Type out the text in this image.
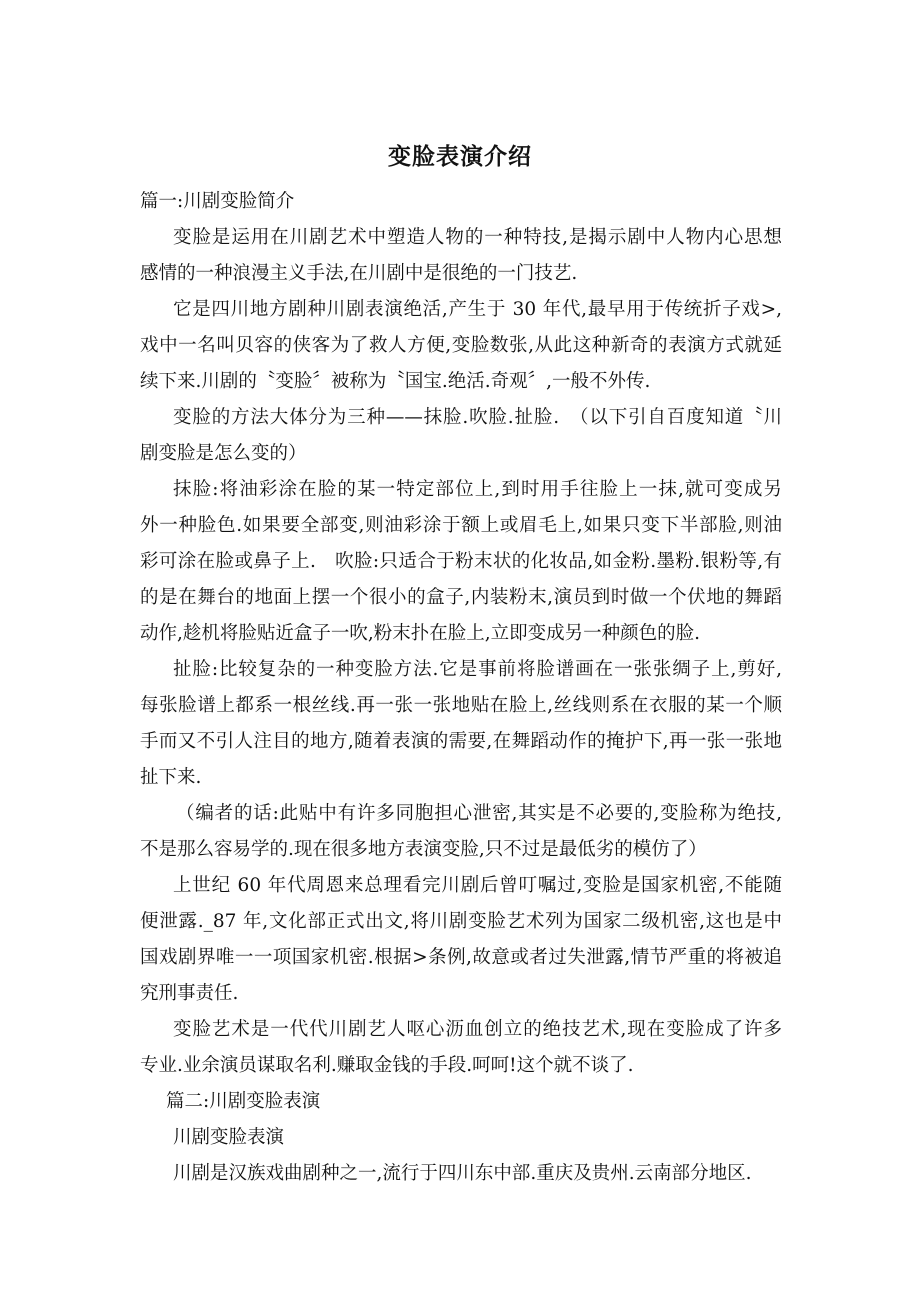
变脸表演介绍
篇一:川剧变脸简介
变脸是运用在川剧艺术中塑造人物的一种特技,是揭示剧中人物内心思想
感情的一种浪漫主义手法,在川剧中是很绝的一门技艺.
它是四川地方剧种川剧表演绝活,产生于 30 年代,最早用于传统折子戏>,
戏中一名叫贝容的侠客为了救人方便,变脸数张,从此这种新奇的表演方式就延
续下来.川剧的〝变脸〞被称为〝国宝.绝活.奇观〞,一般不外传.
变脸的方法大体分为三种——抹脸.吹脸.扯脸.　（以下引自百度知道〝川
剧变脸是怎么变的）
抹脸:将油彩涂在脸的某一特定部位上,到时用手往脸上一抹,就可变成另
外一种脸色.如果要全部变,则油彩涂于额上或眉毛上,如果只变下半部脸,则油
彩可涂在脸或鼻子上.　吹脸:只适合于粉末状的化妆品,如金粉.墨粉.银粉等,有
的是在舞台的地面上摆一个很小的盒子,内装粉末,演员到时做一个伏地的舞蹈
动作,趁机将脸贴近盒子一吹,粉末扑在脸上,立即变成另一种颜色的脸.
扯脸:比较复杂的一种变脸方法.它是事前将脸谱画在一张张绸子上,剪好,
每张脸谱上都系一根丝线.再一张一张地贴在脸上,丝线则系在衣服的某一个顺
手而又不引人注目的地方,随着表演的需要,在舞蹈动作的掩护下,再一张一张地
扯下来.
（编者的话:此贴中有许多同胞担心泄密,其实是不必要的,变脸称为绝技,
不是那么容易学的.现在很多地方表演变脸,只不过是最低劣的模仿了）
上世纪 60 年代周恩来总理看完川剧后曾叮嘱过,变脸是国家机密,不能随
便泄露._87 年,文化部正式出文,将川剧变脸艺术列为国家二级机密,这也是中
国戏剧界唯一一项国家机密.根据>条例,故意或者过失泄露,情节严重的将被追
究刑事责任.
变脸艺术是一代代川剧艺人呕心沥血创立的绝技艺术,现在变脸成了许多
专业.业余演员谋取名利.赚取金钱的手段.呵呵!这个就不谈了.
篇二:川剧变脸表演
川剧变脸表演
川剧是汉族戏曲剧种之一,流行于四川东中部.重庆及贵州.云南部分地区.
